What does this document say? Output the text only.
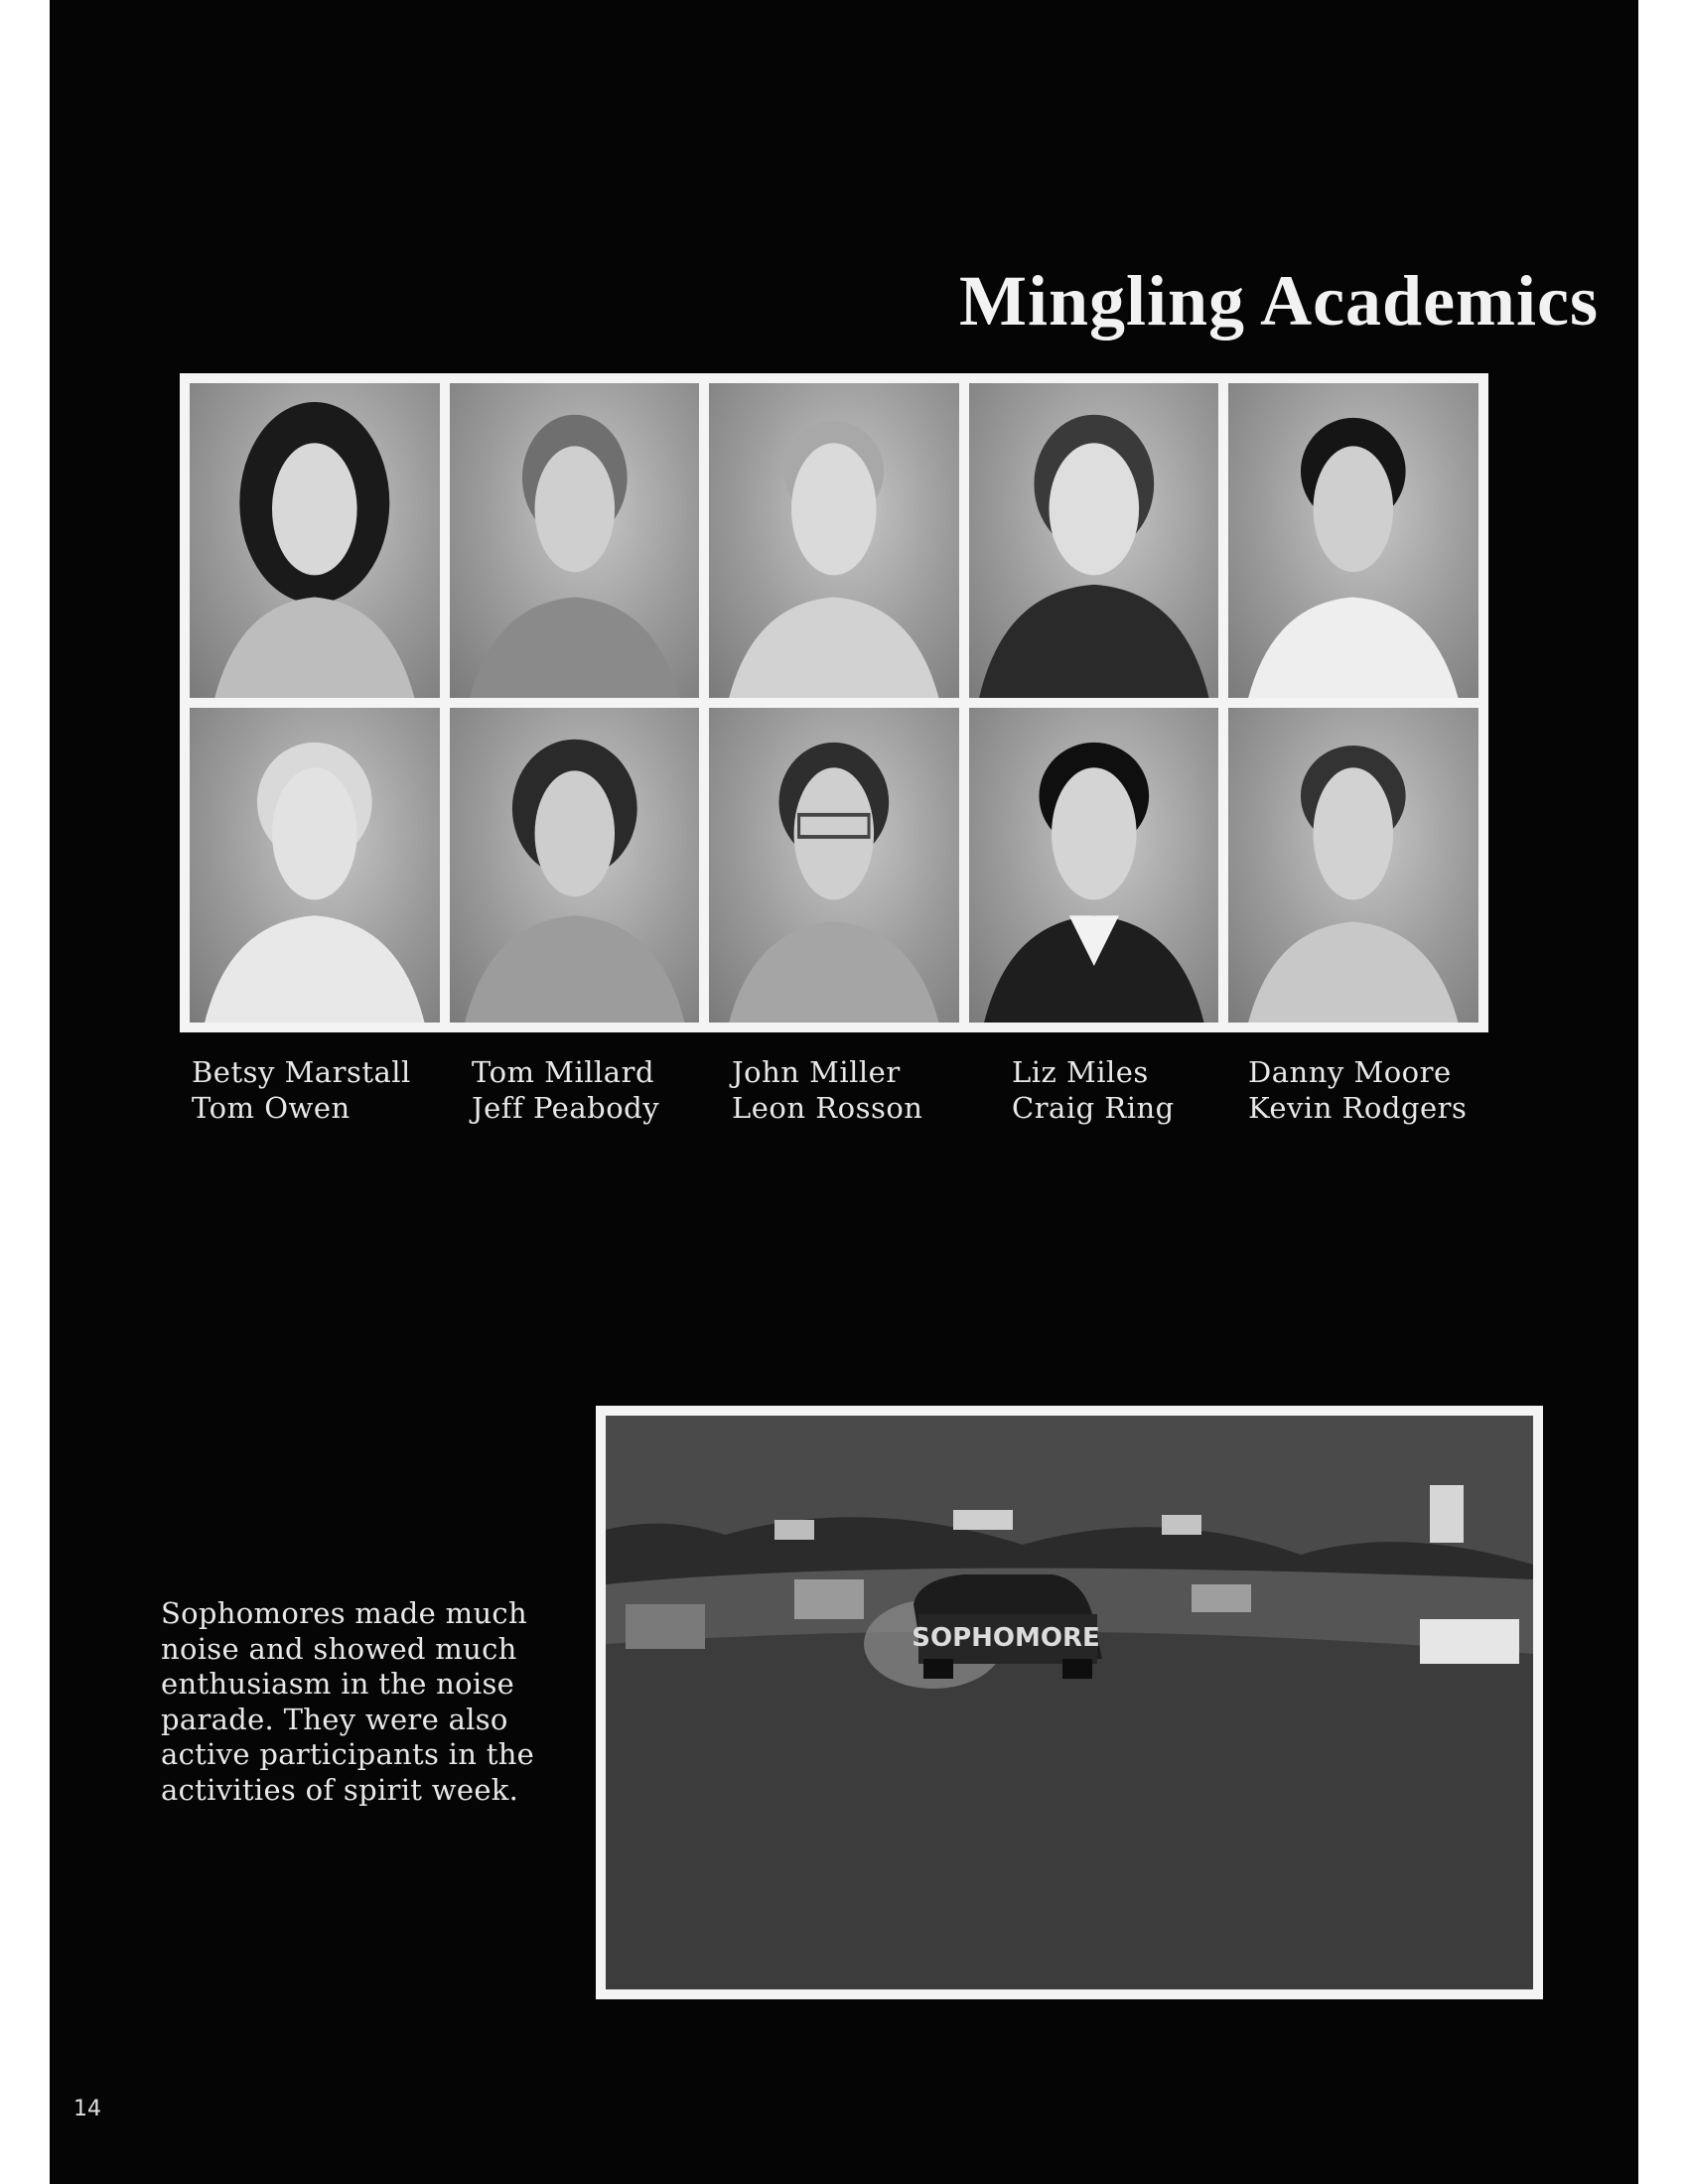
Mingling Academics
Betsy Marstall
Tom Owen
Tom Millard
Jeff Peabody
John Miller
Leon Rosson
Liz Miles
Craig Ring
Danny Moore
Kevin Rodgers

Sophomores made much
noise and showed much
enthusiasm in the noise
parade. They were also
active participants in the
activities of spirit week.

SOPHOMORE
14
